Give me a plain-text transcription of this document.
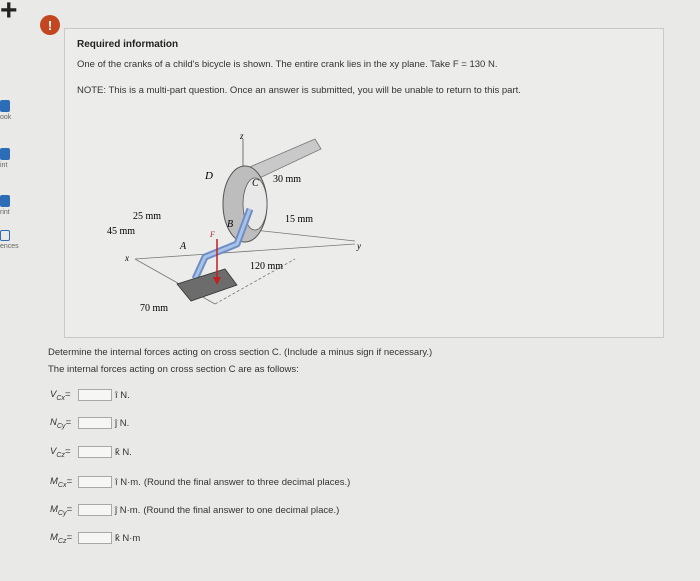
+
ook
int
rint
ences
!
Required information
One of the cranks of a child's bicycle is shown. The entire crank lies in the xy plane. Take F = 130 N.
NOTE: This is a multi-part question. Once an answer is submitted, you will be unable to return to this part.
D
C
B
A
F
z
x
y
30 mm
15 mm
25 mm
45 mm
120 mm
70 mm
Determine the internal forces acting on cross section C. (Include a minus sign if necessary.)
The internal forces acting on cross section C are as follows:
$V_{Cx}=$	î N.
$N_{Cy}=$	ĵ N.
$V_{Cz}=$	k̂ N.
$M_{Cx}=$	î N·m. (Round the final answer to three decimal places.)
$M_{Cy}=$	ĵ N·m. (Round the final answer to one decimal place.)
$M_{Cz}=$	k̂ N·m
